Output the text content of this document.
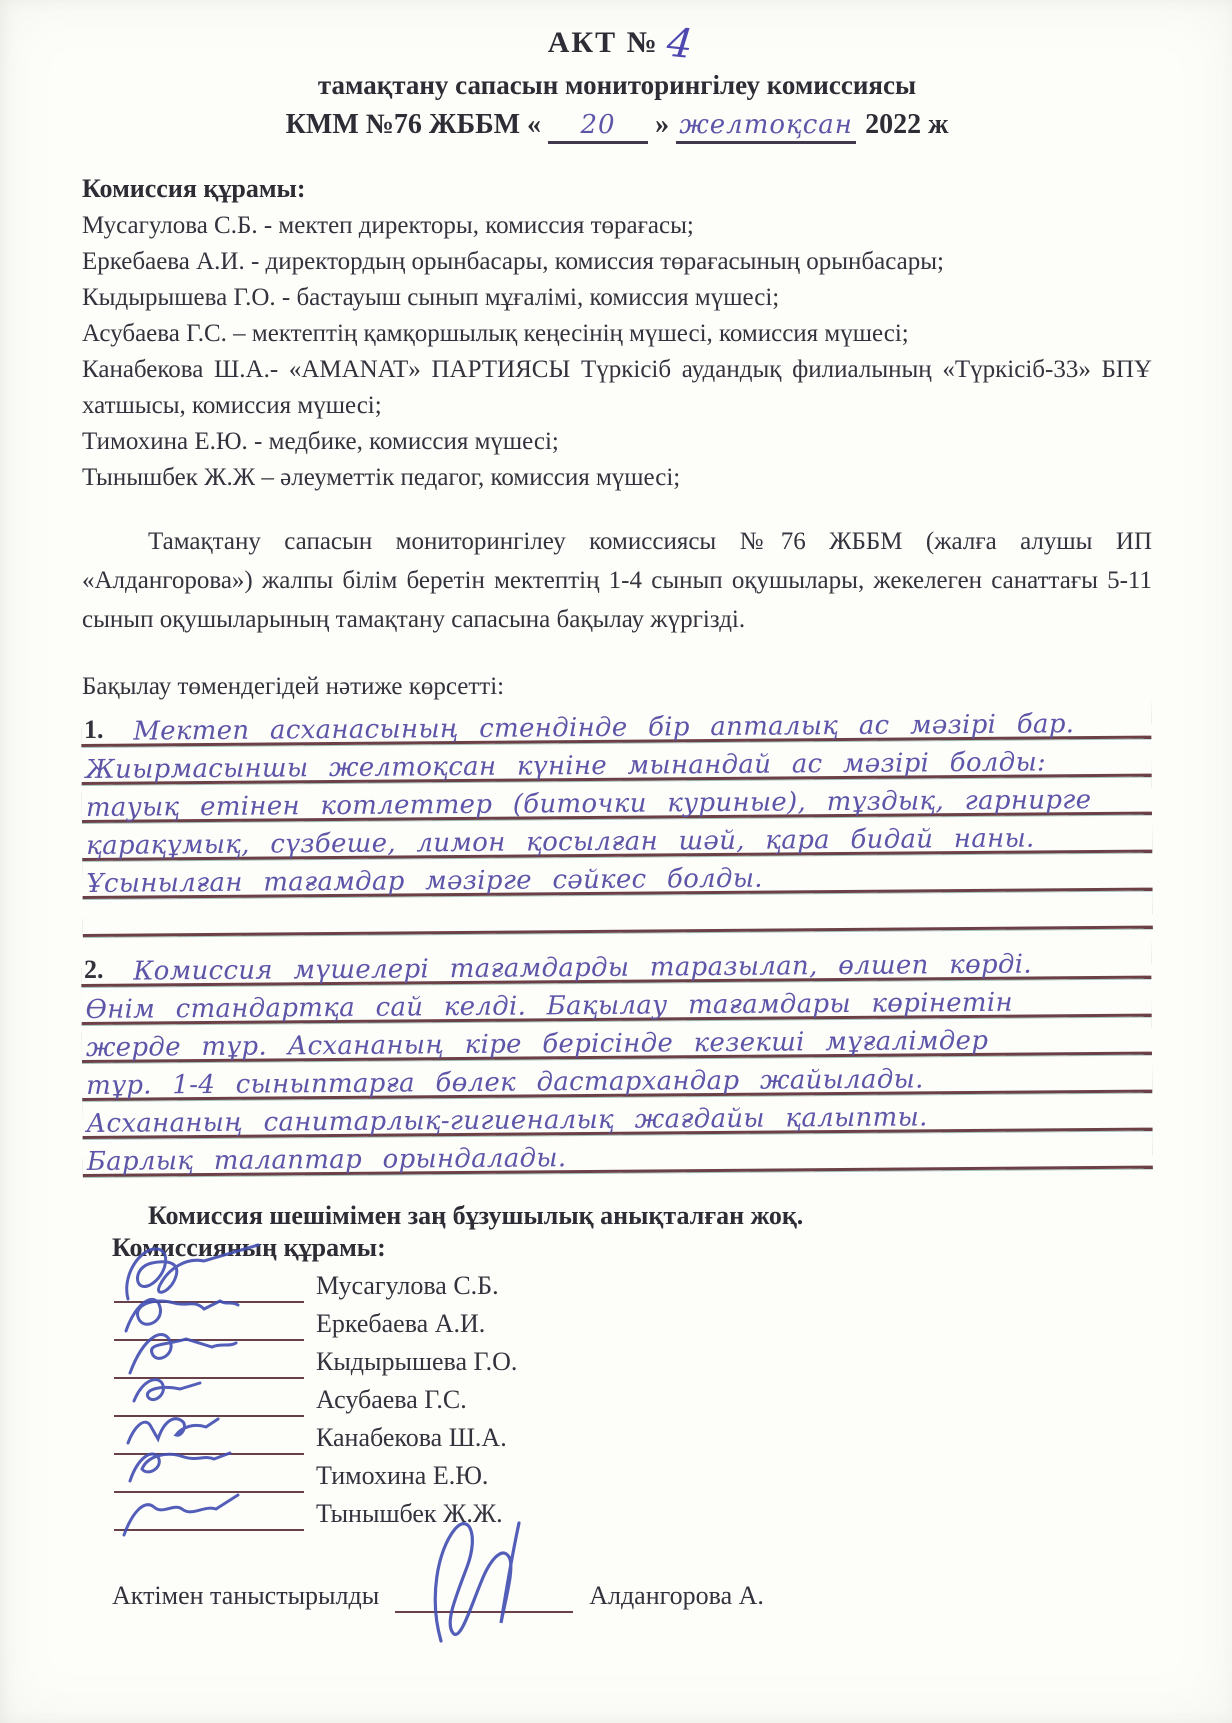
АКТ № 4
тамақтану сапасын мониторингілеу комиссиясы
КММ №76 ЖББМ « 20 » желтоқсан 2022 ж
Комиссия құрамы:
Мусагулова С.Б. - мектеп директоры, комиссия төрағасы;
Еркебаева А.И. - директордың орынбасары, комиссия төрағасының орынбасары;
Кыдырышева Г.О. - бастауыш сынып мұғалімі, комиссия мүшесі;
Асубаева Г.С. – мектептің қамқоршылық кеңесінің мүшесі, комиссия мүшесі;
Канабекова Ш.А.- «AMANAT» ПАРТИЯСЫ Түркісіб аудандық филиалының «Түркісіб-33» БПҰ хатшысы, комиссия мүшесі;
Тимохина Е.Ю. - медбике, комиссия мүшесі;
Тынышбек Ж.Ж – әлеуметтік педагог, комиссия мүшесі;

Тамақтану сапасын мониторингілеу комиссиясы №76 ЖББМ (жалға алушы ИП «Алдангорова») жалпы білім беретін мектептің 1-4 сынып оқушылары, жекелеген санаттағы 5-11 сынып оқушыларының тамақтану сапасына бақылау жүргізді.

Бақылау төмендегідей нәтиже көрсетті:
1. Мектеп асханасының стендінде бір апталық ас мәзірі бар.
Жиырмасыншы желтоқсан күніне мынандай ас мәзірі болды:
тауық етінен котлеттер (биточки куриные), тұздық, гарнирге
қарақұмық, сүзбеше, лимон қосылған шәй, қара бидай наны.
Ұсынылған тағамдар мәзірге сәйкес болды.
2. Комиссия мүшелері тағамдарды таразылап, өлшеп көрді.
Өнім стандартқа сай келді. Бақылау тағамдары көрінетін
жерде тұр. Асхананың кіре берісінде кезекші мұғалімдер
тұр. 1-4 сыныптарға бөлек дастархандар жайылады.
Асхананың санитарлық-гигиеналық жағдайы қалыпты.
Барлық талаптар орындалады.
Комиссия шешімімен заң бұзушылық анықталған жоқ.
Комиссияның құрамы:
Мусагулова С.Б.
Еркебаева А.И.
Кыдырышева Г.О.
Асубаева Г.С.
Канабекова Ш.А.
Тимохина Е.Ю.
Тынышбек Ж.Ж.
Актімен таныстырылды	Алдангорова А.
